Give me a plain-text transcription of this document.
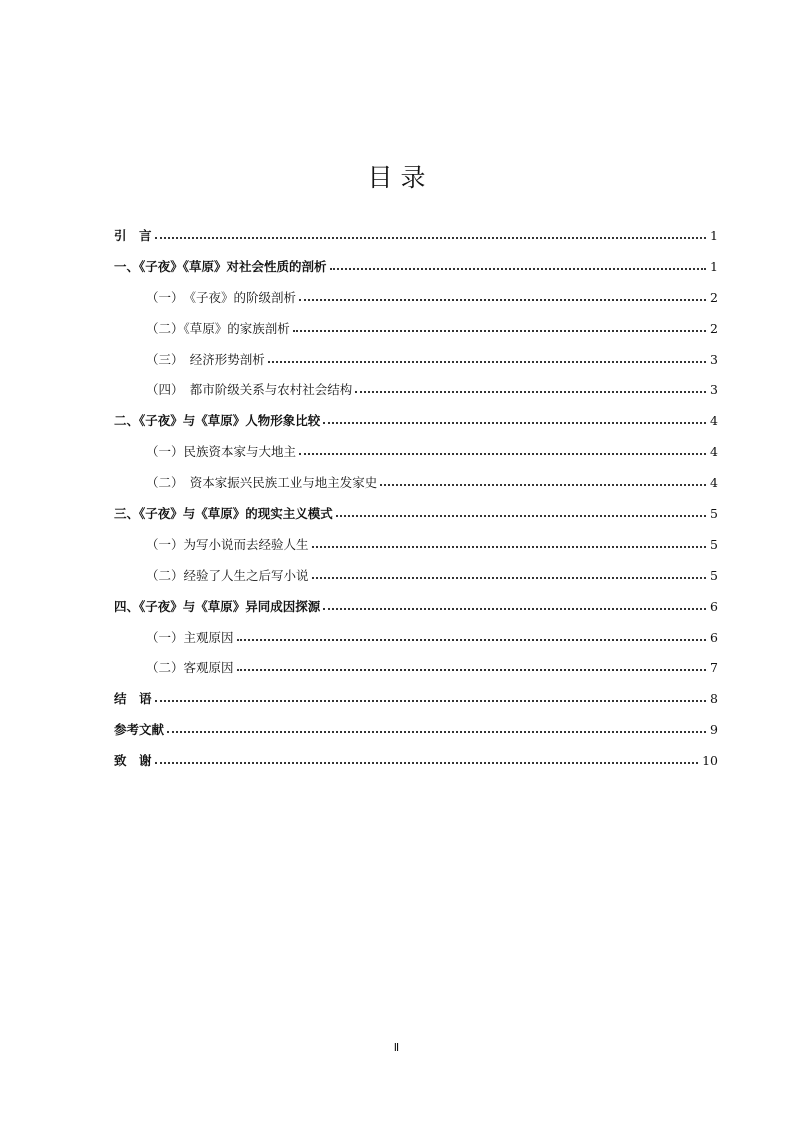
目 录
引　言	1
一、《子夜》《草原》对社会性质的剖析	1
（一）　《子夜》的阶级剖析	2
（二）《草原》的家族剖析	2
（三）　经济形势剖析	3
（四）　都市阶级关系与农村社会结构	3
二、《子夜》与《草原》人物形象比较	4
（一）民族资本家与大地主	4
（二）　资本家振兴民族工业与地主发家史	4
三、《子夜》与《草原》的现实主义模式	5
（一）为写小说而去经验人生	5
（二）经验了人生之后写小说	5
四、《子夜》与《草原》异同成因探源	6
（一）主观原因	6
（二）客观原因	7
结　语	8
参考文献	9
致　谢	10
Ⅱ
